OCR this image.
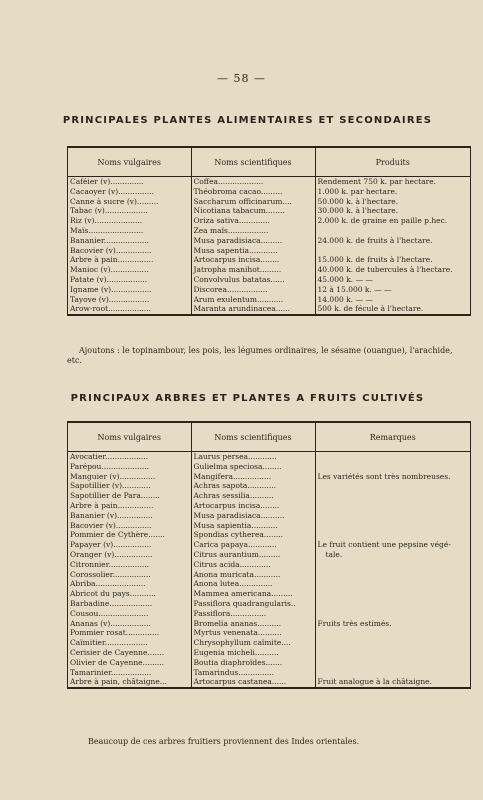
— 58 —
PRINCIPALES PLANTES ALIMENTAIRES ET SECONDAIRES
Noms vulgaires	Noms scientifiques	Produits
Caféier (v)..............	Coffea...................	Rendement 750 k. par hectare.
Cacaoyer (v)...............	Théobroma cacao.........	1.000 k. par hectare.
Canne à sucre (v).........	Saccharum officinarum....	50.000 k. à l'hectare.
Tabac (v)..................	Nicotiana tabacum........	30.000 k. à l'hectare.
Riz (v)....................	Oriza sativa.............	2.000 k. de graine en paille p.hec.
Maïs.......................	Zea maïs.................	
Bananier...................	Musa paradisiaca.........	24.000 k. de fruits à l'hectare.
Bacovier (v)...............	Musa sapentia............	
Arbre à pain...............	Artocarpus incisa........	15.000 k. de fruits à l'hectare.
Manioc (v)................	Jatropha manihot.........	40.000 k. de tubercules à l'hectare.
Patate (v).................	Convolvulus batatas......	45.000 k. — —
Igname (v).................	Discorea.................	12 à 15.000 k. — —
Tayove (v).................	Arum exulentum...........	14.000 k. — —
Arow-root..................	Maranta arundinacea......	500 k. de fécule à l'hectare.
Ajoutons : le topinambour, les pois, les légumes ordinaires, le sésame (ouangue), l'arachide, etc.
PRINCIPAUX ARBRES ET PLANTES A FRUITS CULTIVÉS
Noms vulgaires	Noms scientifiques	Remarques
Avocatier..................	Laurus persea............	
Parépou....................	Gulielma speciosa........	
Manguier (v)...............	Mangifera................	Les variétés sont très nombreuses.
Sapotillier (v)............	Achras sapota............	
Sapotillier de Para........	Achras sessilia..........	
Arbre à pain...............	Artocarpus incisa........	
Bananier (v)...............	Musa paradisiaca..........	
Bacovier (v)...............	Musa sapientia...........	
Pommier de Cythère.......	Spondias cytherea........	
Papayer (v)................	Carica papaya............	Le fruit contient une pepsine végé-
Oranger (v)................	Citrus aurantium.........	tale.
Citronnier.................	Citrus acida.............	
Corossolier................	Anona muricata...........	
Abriba.....................	Anona lutea..............	
Abricot du pays...........	Mammea americana.........	
Barbadine..................	Passiflora quadrangularis..	
Cousou.....................	Passiflora...............	
Ananas (v).................	Bromelia ananas..........	Fruits très estimés.
Pommier rosat..............	Myrtus venenata..........	
Caïmitier..................	Chrysophyllum caïmite....	
Cerisier de Cayenne.......	Eugenia micheli..........	
Olivier de Cayenne.........	Boutia diaphroïdes.......	
Tamarinier.................	Tamarindus...............	
Arbre à pain, châtaigne...	Artocarpus castanea......	Fruit analogue à la châtaigne.
Beaucoup de ces arbres fruitiers proviennent des Indes orientales.
